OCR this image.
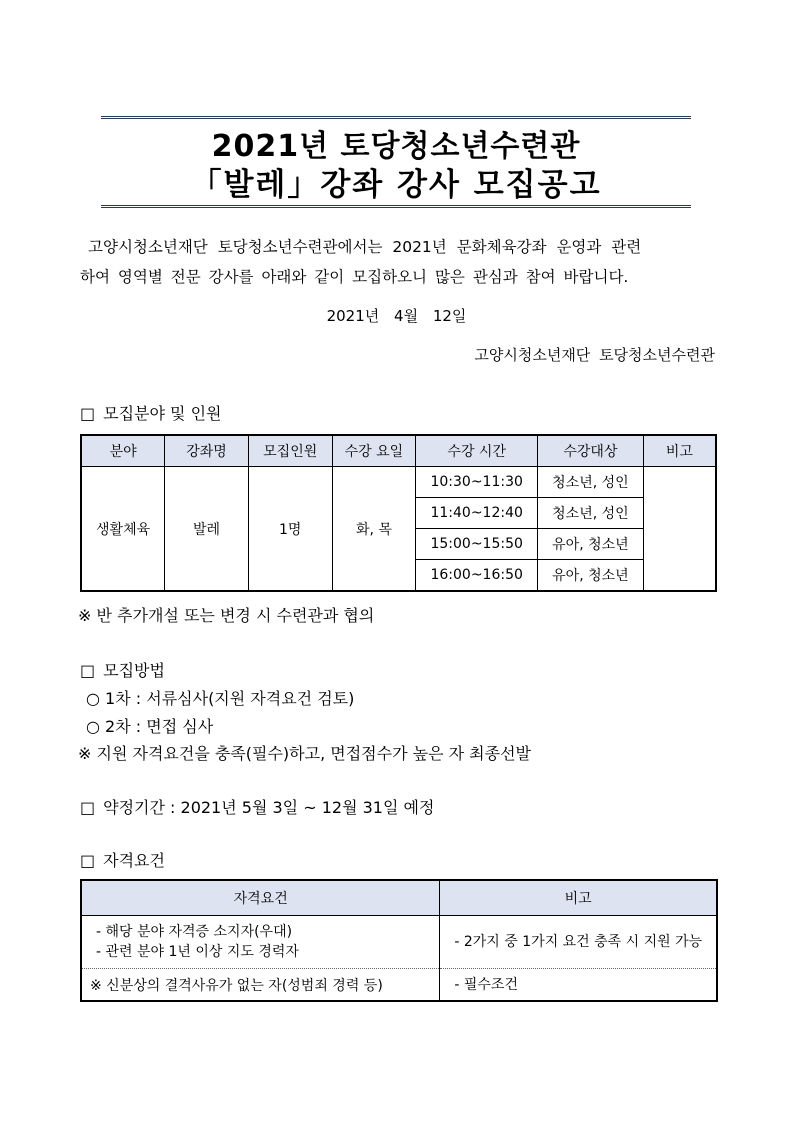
2021년 토당청소년수련관
「발레」강좌 강사 모집공고
고양시청소년재단 토당청소년수련관에서는 2021년 문화체육강좌 운영과 관련
하여 영역별 전문 강사를 아래와 같이 모집하오니 많은 관심과 참여 바랍니다.
2021년 4월 12일
고양시청소년재단 토당청소년수련관
□ 모집분야 및 인원
분야	강좌명	모집인원	수강 요일	수강 시간	수강대상	비고
생활체육	발레	1명	화, 목	10:30~11:30	청소년, 성인	
				11:40~12:40	청소년, 성인	
				15:00~15:50	유아, 청소년	
				16:00~16:50	유아, 청소년	
※ 반 추가개설 또는 변경 시 수련관과 협의
□ 모집방법
○ 1차 : 서류심사(지원 자격요건 검토)
○ 2차 : 면접 심사
※ 지원 자격요건을 충족(필수)하고, 면접점수가 높은 자 최종선발
□ 약정기간 : 2021년 5월 3일 ~ 12월 31일 예정
□ 자격요건
자격요건	비고

- 해당 분야 자격증 소지자(우대)
- 관련 분야 1년 이상 지도 경력자	- 2가지 중 1가지 요건 충족 시 지원 가능
※ 신분상의 결격사유가 없는 자(성범죄 경력 등)	- 필수조건
